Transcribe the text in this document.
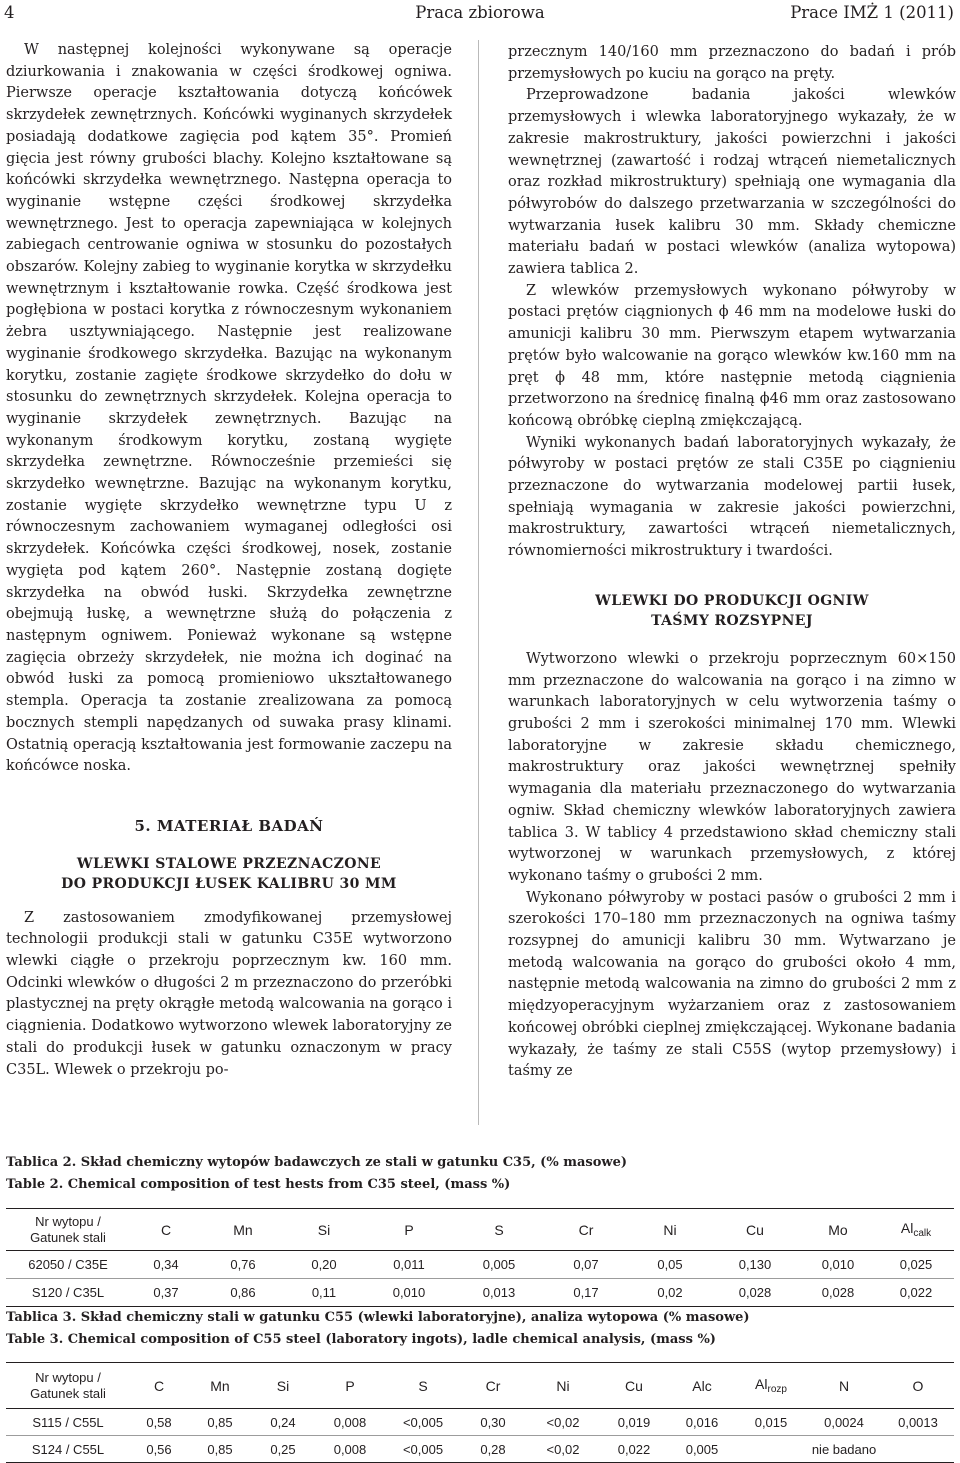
4	Praca zbiorowa	Prace IMŻ 1 (2011)

W następnej kolejności wykonywane są operacje dziurkowania i znakowania w części środkowej ogniwa. Pierwsze operacje kształtowania dotyczą końcówek skrzydełek zewnętrznych. Końcówki wyginanych skrzydełek posiadają dodatkowe zagięcia pod kątem 35°. Promień gięcia jest równy grubości blachy. Kolejno kształtowane są końcówki skrzydełka wewnętrznego. Następna operacja to wyginanie wstępne części środkowej skrzydełka wewnętrznego. Jest to operacja zapewniająca w kolejnych zabiegach centrowanie ogniwa w stosunku do pozostałych obszarów. Kolejny zabieg to wyginanie korytka w skrzydełku wewnętrznym i kształtowanie rowka. Część środkowa jest pogłębiona w postaci korytka z równoczesnym wykonaniem żebra usztywniającego. Następnie jest realizowane wyginanie środkowego skrzydełka. Bazując na wykonanym korytku, zostanie zagięte środkowe skrzydełko do dołu w stosunku do zewnętrznych skrzydełek. Kolejna operacja to wyginanie skrzydełek zewnętrznych. Bazując na wykonanym środkowym korytku, zostaną wygięte skrzydełka zewnętrzne. Równocześnie przemieści się skrzydełko wewnętrzne. Bazując na wykonanym korytku, zostanie wygięte skrzydełko wewnętrzne typu U z równoczesnym zachowaniem wymaganej odległości osi skrzydełek. Końcówka części środkowej, nosek, zostanie wygięta pod kątem 260°. Następnie zostaną dogięte skrzydełka na obwód łuski. Skrzydełka zewnętrzne obejmują łuskę, a wewnętrzne służą do połączenia z następnym ogniwem. Ponieważ wykonane są wstępne zagięcia obrzeży skrzydełek, nie można ich doginać na obwód łuski za pomocą promieniowo ukształtowanego stempla. Operacja ta zostanie zrealizowana za pomocą bocznych stempli napędzanych od suwaka prasy klinami. Ostatnią operacją kształtowania jest formowanie zaczepu na końcówce noska.

5. MATERIAŁ BADAŃ
WLEWKI STALOWE PRZEZNACZONE
DO PRODUKCJI ŁUSEK KALIBRU 30 MM

Z zastosowaniem zmodyfikowanej przemysłowej technologii produkcji stali w gatunku C35E wytworzono wlewki ciągłe o przekroju poprzecznym kw. 160 mm. Odcinki wlewków o długości 2 m przeznaczono do przeróbki plastycznej na pręty okrągłe metodą walcowania na gorąco i ciągnienia. Dodatkowo wytworzono wlewek laboratoryjny ze stali do produkcji łusek w gatunku oznaczonym w pracy C35L. Wlewek o przekroju po-

przecznym 140/160 mm przeznaczono do badań i prób przemysłowych po kuciu na gorąco na pręty.

Przeprowadzone badania jakości wlewków przemysłowych i wlewka laboratoryjnego wykazały, że w zakresie makrostruktury, jakości powierzchni i jakości wewnętrznej (zawartość i rodzaj wtrąceń niemetalicznych oraz rozkład mikrostruktury) spełniają one wymagania dla półwyrobów do dalszego przetwarzania w szczególności do wytwarzania łusek kalibru 30 mm. Składy chemiczne materiału badań w postaci wlewków (analiza wytopowa) zawiera tablica 2.

Z wlewków przemysłowych wykonano półwyroby w postaci prętów ciągnionych ϕ 46 mm na modelowe łuski do amunicji kalibru 30 mm. Pierwszym etapem wytwarzania prętów było walcowanie na gorąco wlewków kw.160 mm na pręt ϕ 48 mm, które następnie metodą ciągnienia przetworzono na średnicę finalną ϕ46 mm oraz zastosowano końcową obróbkę cieplną zmiękczającą.

Wyniki wykonanych badań laboratoryjnych wykazały, że półwyroby w postaci prętów ze stali C35E po ciągnieniu przeznaczone do wytwarzania modelowej partii łusek, spełniają wymagania w zakresie jakości powierzchni, makrostruktury, zawartości wtrąceń niemetalicznych, równomierności mikrostruktury i twardości.

WLEWKI DO PRODUKCJI OGNIW
TAŚMY ROZSYPNEJ

Wytworzono wlewki o przekroju poprzecznym 60×150 mm przeznaczone do walcowania na gorąco i na zimno w warunkach laboratoryjnych w celu wytworzenia taśmy o grubości 2 mm i szerokości minimalnej 170 mm. Wlewki laboratoryjne w zakresie składu chemicznego, makrostruktury oraz jakości wewnętrznej spełniły wymagania dla materiału przeznaczonego do wytwarzania ogniw. Skład chemiczny wlewków laboratoryjnych zawiera tablica 3. W tablicy 4 przedstawiono skład chemiczny stali wytworzonej w warunkach przemysłowych, z której wykonano taśmy o grubości 2 mm.

Wykonano półwyroby w postaci pasów o grubości 2 mm i szerokości 170–180 mm przeznaczonych na ogniwa taśmy rozsypnej do amunicji kalibru 30 mm. Wytwarzano je metodą walcowania na gorąco do grubości około 4 mm, następnie metodą walcowania na zimno do grubości 2 mm z międzyoperacyjnym wyżarzaniem oraz z zastosowaniem końcowej obróbki cieplnej zmiękczającej. Wykonane badania wykazały, że taśmy ze stali C55S (wytop przemysłowy) i taśmy ze

Tablica 2. Skład chemiczny wytopów badawczych ze stali w gatunku C35, (% masowe)
Table 2. Chemical composition of test hests from C35 steel, (mass %)
Nr wytopu /
Gatunek stali	C	Mn	Si	P	S	Cr	Ni	Cu	Mo	$Al_{calk}$
62050 / C35E	0,34	0,76	0,20	0,011	0,005	0,07	0,05	0,130	0,010	0,025
S120 / C35L	0,37	0,86	0,11	0,010	0,013	0,17	0,02	0,028	0,028	0,022
Tablica 3. Skład chemiczny stali w gatunku C55 (wlewki laboratoryjne), analiza wytopowa (% masowe)
Table 3. Chemical composition of C55 steel (laboratory ingots), ladle chemical analysis, (mass %)
Nr wytopu /
Gatunek stali	C	Mn	Si	P	S	Cr	Ni	Cu	Alc	$Al_{rozp}$	N	O
S115 / C55L	0,58	0,85	0,24	0,008	<0,005	0,30	<0,02	0,019	0,016	0,015	0,0024	0,0013
S124 / C55L	0,56	0,85	0,25	0,008	<0,005	0,28	<0,02	0,022	0,005		nie badano	
